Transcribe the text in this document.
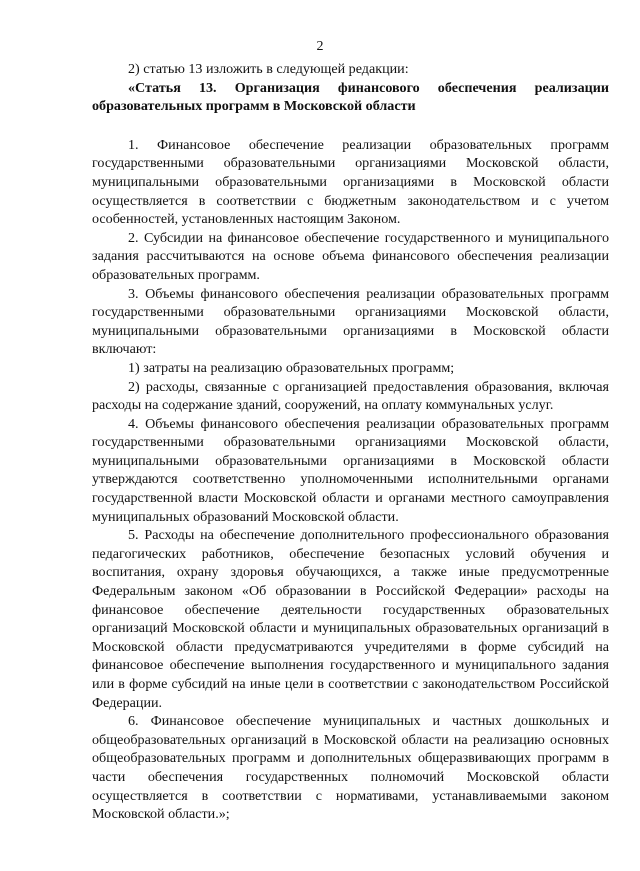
2

2) статью 13 изложить в следующей редакции:

«Статья 13. Организация финансового обеспечения реализации образовательных программ в Московской области

1. Финансовое обеспечение реализации образовательных программ государственными образовательными организациями Московской области, муниципальными образовательными организациями в Московской области осуществляется в соответствии с бюджетным законодательством и с учетом особенностей, установленных настоящим Законом.

2. Субсидии на финансовое обеспечение государственного и муниципального задания рассчитываются на основе объема финансового обеспечения реализации образовательных программ.

3. Объемы финансового обеспечения реализации образовательных программ государственными образовательными организациями Московской области, муниципальными образовательными организациями в Московской области включают:

1) затраты на реализацию образовательных программ;

2) расходы, связанные с организацией предоставления образования, включая расходы на содержание зданий, сооружений, на оплату коммунальных услуг.

4. Объемы финансового обеспечения реализации образовательных программ государственными образовательными организациями Московской области, муниципальными образовательными организациями в Московской области утверждаются соответственно уполномоченными исполнительными органами государственной власти Московской области и органами местного самоуправления муниципальных образований Московской области.

5. Расходы на обеспечение дополнительного профессионального образования педагогических работников, обеспечение безопасных условий обучения и воспитания, охрану здоровья обучающихся, а также иные предусмотренные Федеральным законом «Об образовании в Российской Федерации» расходы на финансовое обеспечение деятельности государственных образовательных организаций Московской области и муниципальных образовательных организаций в Московской области предусматриваются учредителями в форме субсидий на финансовое обеспечение выполнения государственного и муниципального задания или в форме субсидий на иные цели в соответствии с законодательством Российской Федерации.

6. Финансовое обеспечение муниципальных и частных дошкольных и общеобразовательных организаций в Московской области на реализацию основных общеобразовательных программ и дополнительных общеразвивающих программ в части обеспечения государственных полномочий Московской области осуществляется в соответствии с нормативами, устанавливаемыми законом Московской области.»;
